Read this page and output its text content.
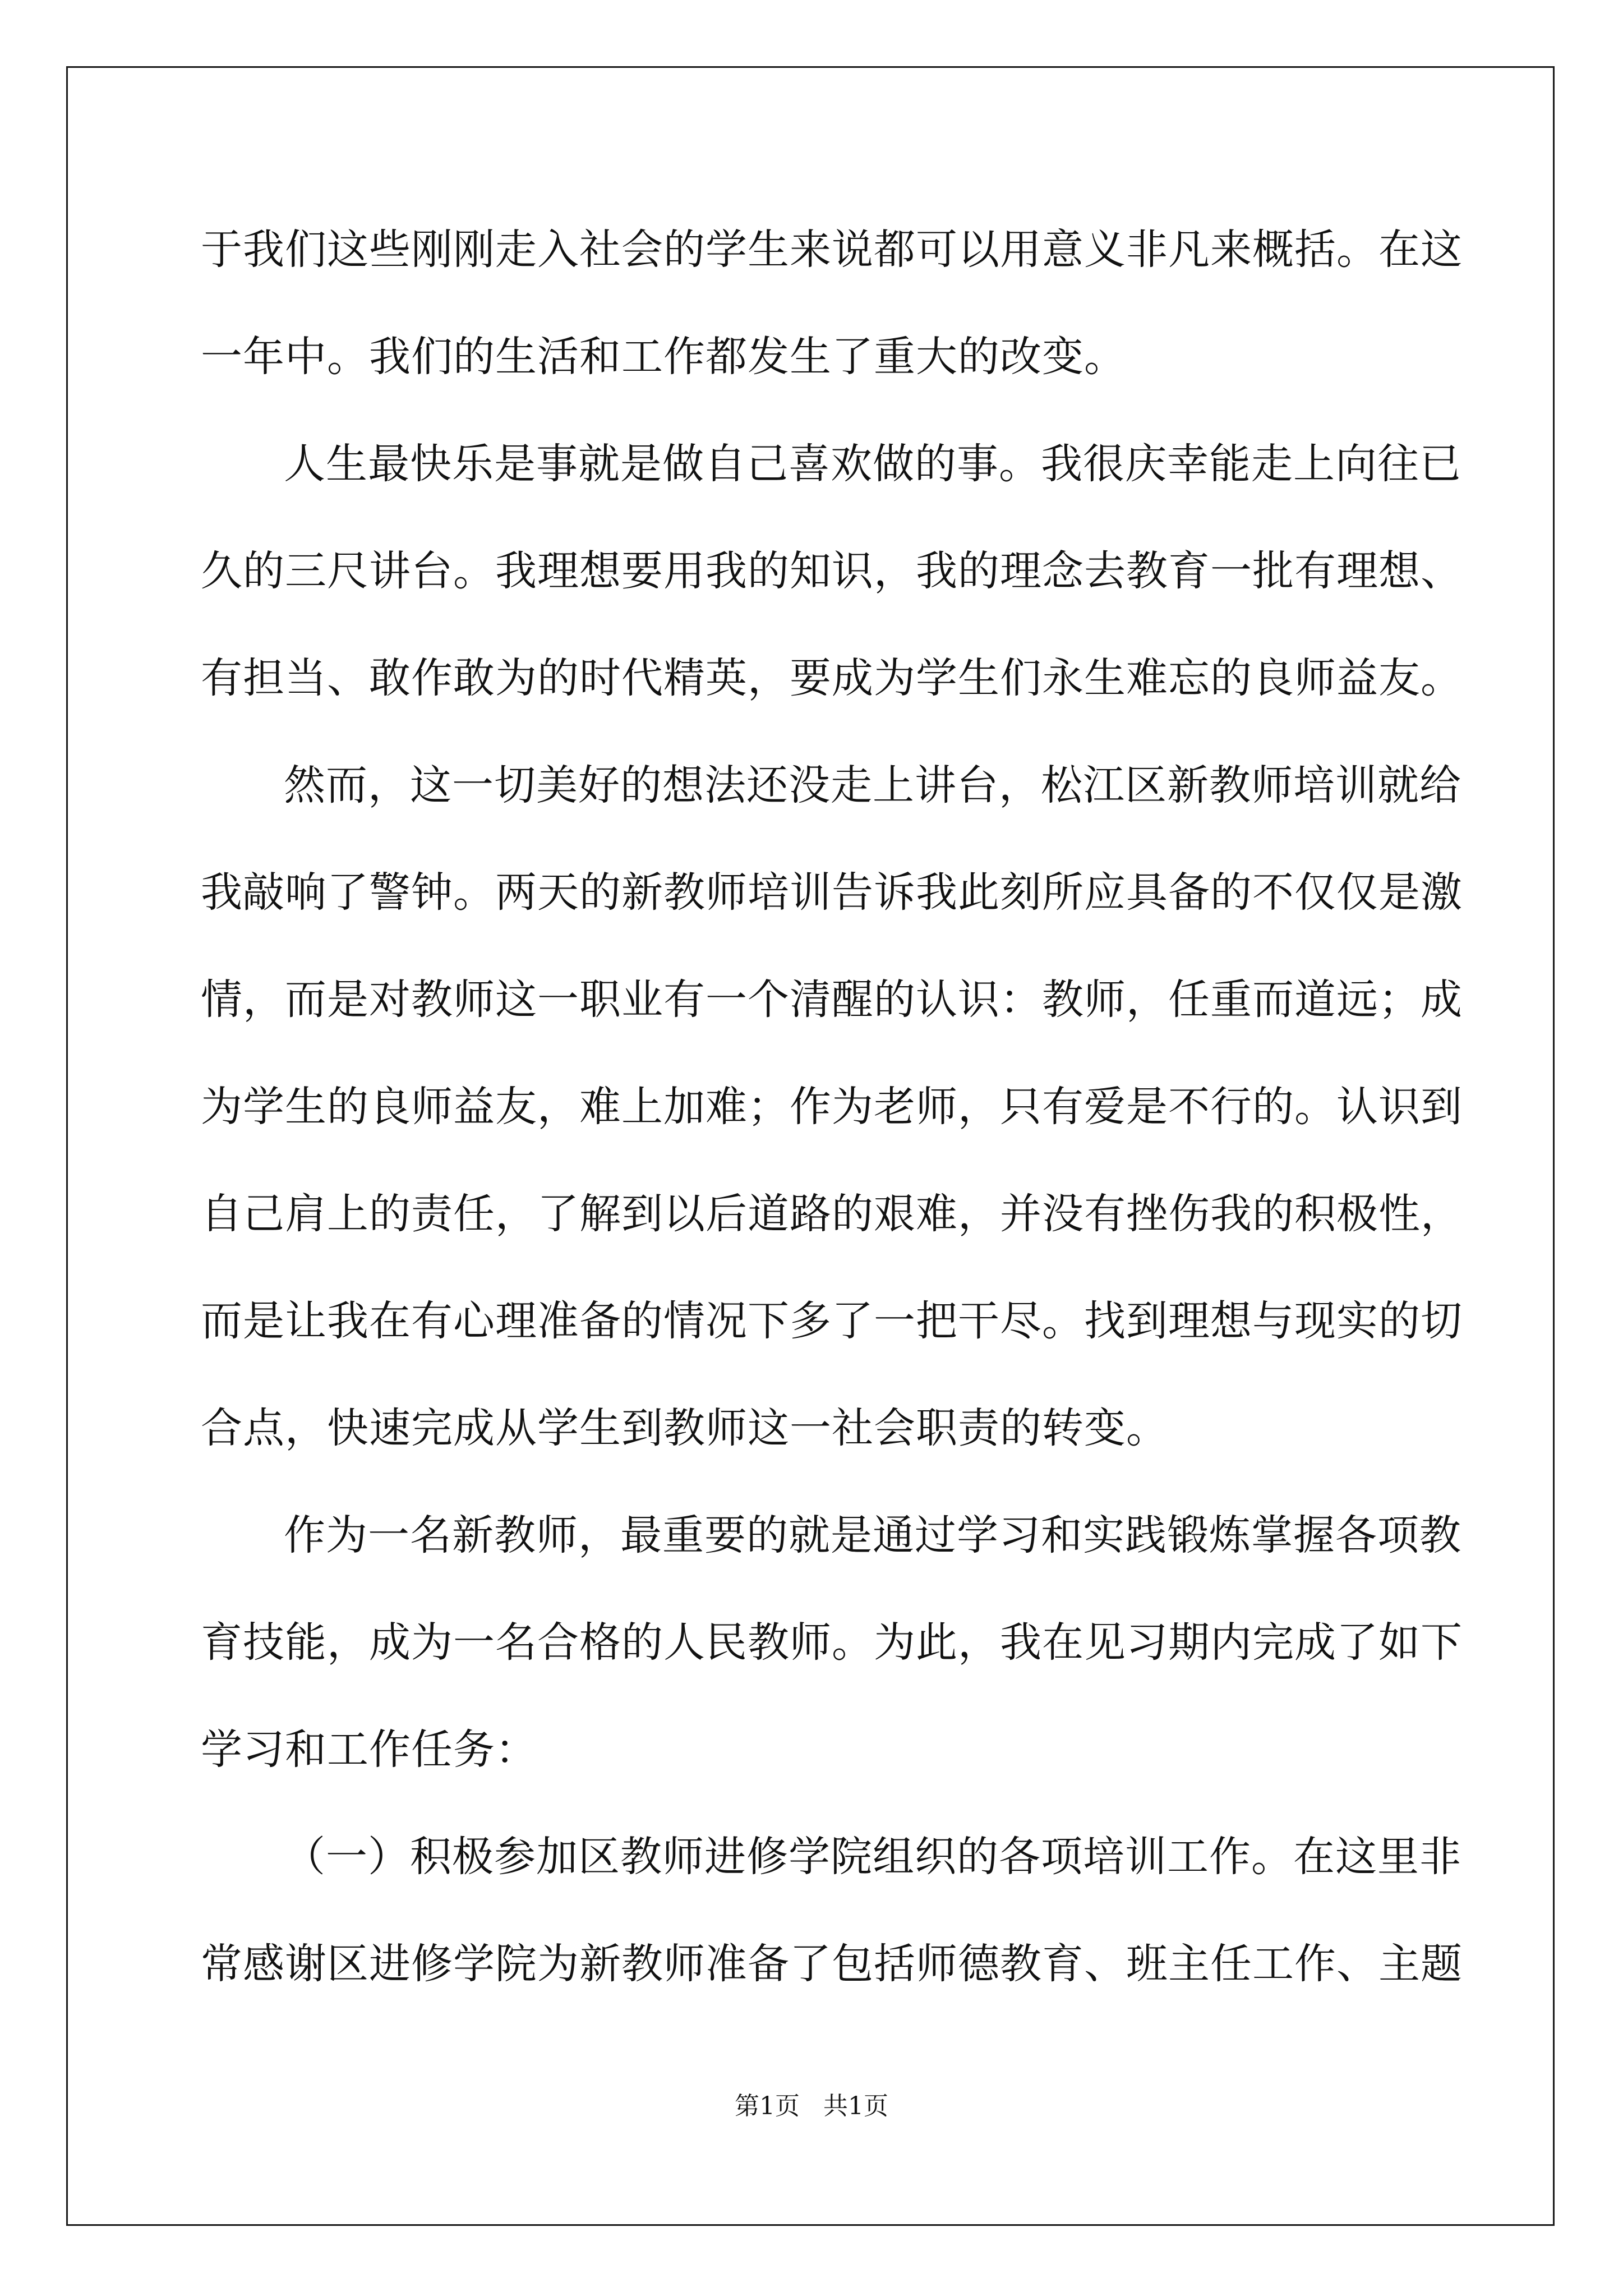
于我们这些刚刚走入社会的学生来说都可以用意义非凡来概括。在这
一年中。我们的生活和工作都发生了重大的改变。
人生最快乐是事就是做自己喜欢做的事。我很庆幸能走上向往已
久的三尺讲台。我理想要用我的知识，我的理念去教育一批有理想、
有担当、敢作敢为的时代精英，要成为学生们永生难忘的良师益友。
然而，这一切美好的想法还没走上讲台，松江区新教师培训就给
我敲响了警钟。两天的新教师培训告诉我此刻所应具备的不仅仅是激
情，而是对教师这一职业有一个清醒的认识：教师，任重而道远；成
为学生的良师益友，难上加难；作为老师，只有爱是不行的。认识到
自己肩上的责任，了解到以后道路的艰难，并没有挫伤我的积极性，
而是让我在有心理准备的情况下多了一把干尽。找到理想与现实的切
合点，快速完成从学生到教师这一社会职责的转变。
作为一名新教师，最重要的就是通过学习和实践锻炼掌握各项教
育技能，成为一名合格的人民教师。为此，我在见习期内完成了如下
学习和工作任务：
（一）积极参加区教师进修学院组织的各项培训工作。在这里非
常感谢区进修学院为新教师准备了包括师德教育、班主任工作、主题
第1页 共1页
